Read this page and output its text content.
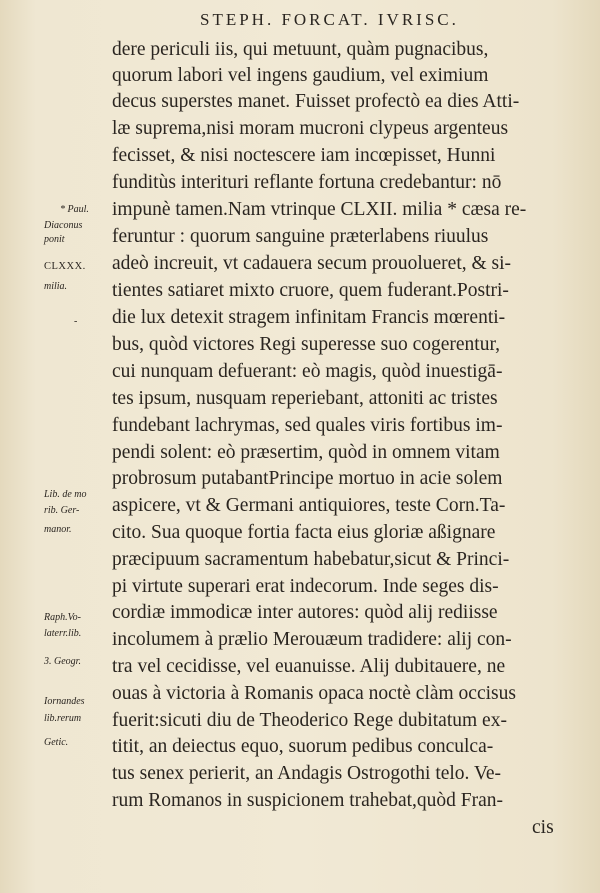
STEPH. FORCAT. IVRISC.
dere periculi iis, qui metuunt, quàm pugnacibus,
quorum labori vel ingens gaudium, vel eximium
decus superstes manet. Fuisset profectò ea dies Atti-
læ suprema,nisi moram mucroni clypeus argenteus
fecisset, & nisi noctescere iam incœpisset, Hunni
funditùs interituri reflante fortuna credebantur: nō
impunè tamen.Nam vtrinque CLXII. milia * cæsa re-
feruntur : quorum sanguine præterlabens riuulus
adeò increuit, vt cadauera secum prouolueret, & si-
tientes satiaret mixto cruore, quem fuderant.Postri-
die lux detexit stragem infinitam Francis mœrenti-
bus, quòd victores Regi superesse suo cogerentur,
cui nunquam defuerant: eò magis, quòd inuestigā-
tes ipsum, nusquam reperiebant, attoniti ac tristes
fundebant lachrymas, sed quales viris fortibus im-
pendi solent: eò præsertim, quòd in omnem vitam
probrosum putabantPrincipe mortuo in acie solem
aspicere, vt & Germani antiquiores, teste Corn.Ta-
cito. Sua quoque fortia facta eius gloriæ aßignare
præcipuum sacramentum habebatur,sicut & Princi-
pi virtute superari erat indecorum. Inde seges dis-
cordiæ immodicæ inter autores: quòd alij rediisse
incolumem à prælio Merouæum tradidere: alij con-
tra vel cecidisse, vel euanuisse. Alij dubitauere, ne
ouas à victoria à Romanis opaca noctè clàm occisus
fuerit:sicuti diu de Theoderico Rege dubitatum ex-
titit, an deiectus equo, suorum pedibus conculca-
tus senex perierit, an Andagis Ostrogothi telo. Ve-
rum Romanos in suspicionem trahebat,quòd Fran-
cis
* Paul.
Diaconus
ponit
CLXXX.
milia.
-
Lib. de mo
rib. Ger-
manor.
Raph.Vo-
laterr.lib.
3. Geogr.
Iornandes
lib.rerum
Getic.
